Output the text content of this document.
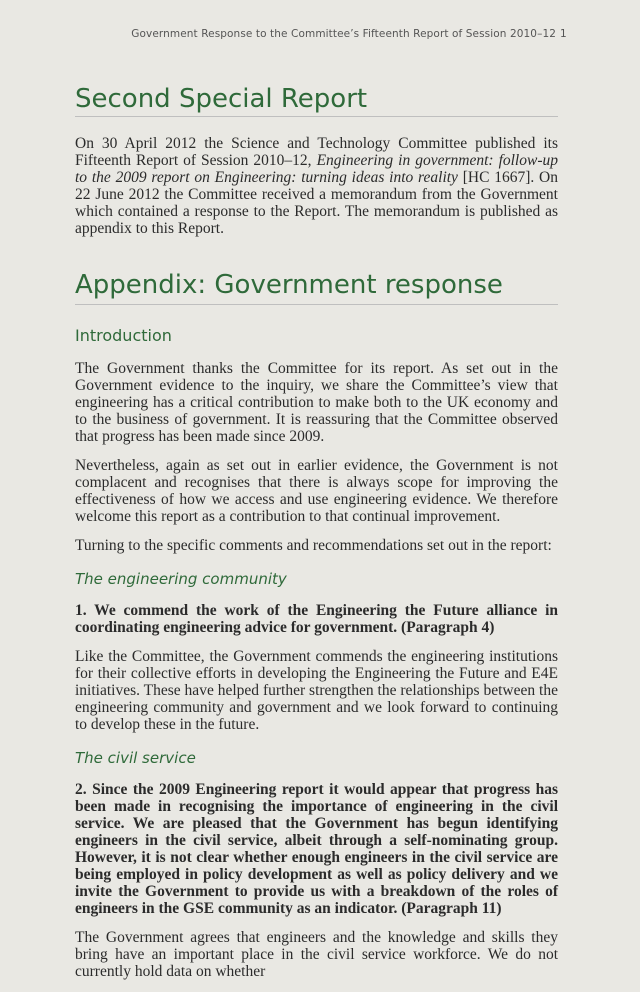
Government Response to the Committee’s Fifteenth Report of Session 2010–12 1
Second Special Report

On 30 April 2012 the Science and Technology Committee published its Fifteenth Report of Session 2010–12, Engineering in government: follow-up to the 2009 report on Engineering: turning ideas into reality [HC 1667]. On 22 June 2012 the Committee received a memorandum from the Government which contained a response to the Report. The memorandum is published as appendix to this Report.

Appendix: Government response
Introduction

The Government thanks the Committee for its report. As set out in the Government evidence to the inquiry, we share the Committee’s view that engineering has a critical contribution to make both to the UK economy and to the business of government. It is reassuring that the Committee observed that progress has been made since 2009.

Nevertheless, again as set out in earlier evidence, the Government is not complacent and recognises that there is always scope for improving the effectiveness of how we access and use engineering evidence. We therefore welcome this report as a contribution to that continual improvement.

Turning to the specific comments and recommendations set out in the report:

The engineering community

1. We commend the work of the Engineering the Future alliance in coordinating engineering advice for government. (Paragraph 4)

Like the Committee, the Government commends the engineering institutions for their collective efforts in developing the Engineering the Future and E4E initiatives. These have helped further strengthen the relationships between the engineering community and government and we look forward to continuing to develop these in the future.

The civil service

2. Since the 2009 Engineering report it would appear that progress has been made in recognising the importance of engineering in the civil service. We are pleased that the Government has begun identifying engineers in the civil service, albeit through a self-nominating group. However, it is not clear whether enough engineers in the civil service are being employed in policy development as well as policy delivery and we invite the Government to provide us with a breakdown of the roles of engineers in the GSE community as an indicator. (Paragraph 11)

The Government agrees that engineers and the knowledge and skills they bring have an important place in the civil service workforce. We do not currently hold data on whether
